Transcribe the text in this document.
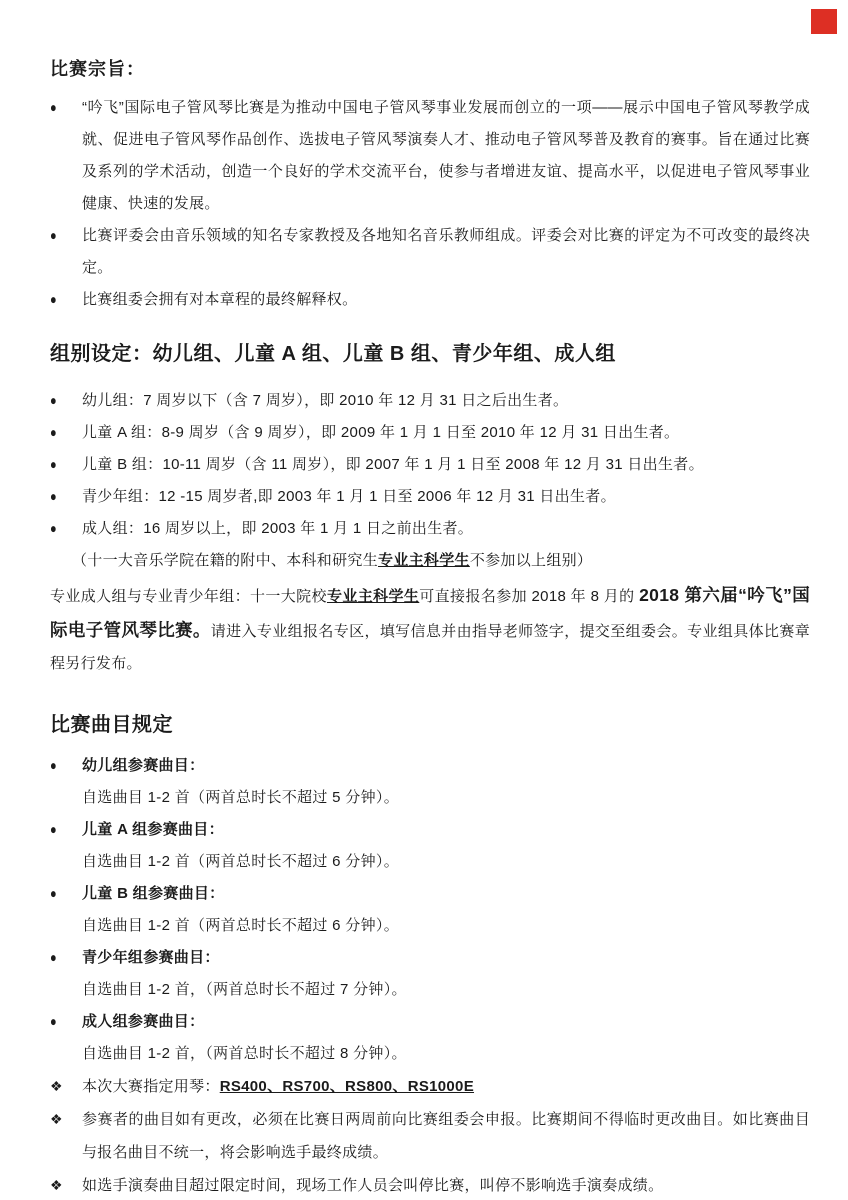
比赛宗旨：
●	“吟飞”国际电子管风琴比赛是为推动中国电子管风琴事业发展而创立的一项——展示中国电子管风琴教学成就、促进电子管风琴作品创作、选拔电子管风琴演奏人才、推动电子管风琴普及教育的赛事。旨在通过比赛及系列的学术活动，创造一个良好的学术交流平台，使参与者增进友谊、提高水平，以促进电子管风琴事业健康、快速的发展。
●	比赛评委会由音乐领域的知名专家教授及各地知名音乐教师组成。评委会对比赛的评定为不可改变的最终决定。
●	比赛组委会拥有对本章程的最终解释权。
组别设定：幼儿组、儿童 A 组、儿童 B 组、青少年组、成人组
●	幼儿组：7 周岁以下（含 7 周岁），即 2010 年 12 月 31 日之后出生者。
●	儿童 A 组：8-9 周岁（含 9 周岁），即 2009 年 1 月 1 日至 2010 年 12 月 31 日出生者。
●	儿童 B 组：10-11 周岁（含 11 周岁），即 2007 年 1 月 1 日至 2008 年 12 月 31 日出生者。
●	青少年组：12 -15 周岁者,即 2003 年 1 月 1 日至 2006 年 12 月 31 日出生者。
●	成人组：16 周岁以上，即 2003 年 1 月 1 日之前出生者。
（十一大音乐学院在籍的附中、本科和研究生专业主科学生不参加以上组别）
专业成人组与专业青少年组：十一大院校专业主科学生可直接报名参加 2018 年 8 月的 2018 第六届“吟飞”国际电子管风琴比赛。请进入专业组报名专区，填写信息并由指导老师签字，提交至组委会。专业组具体比赛章程另行发布。
比赛曲目规定
●	幼儿组参赛曲目：
自选曲目 1-2 首（两首总时长不超过 5 分钟）。
●	儿童 A 组参赛曲目：
自选曲目 1-2 首（两首总时长不超过 6 分钟）。
●	儿童 B 组参赛曲目：
自选曲目 1-2 首（两首总时长不超过 6 分钟）。
●	青少年组参赛曲目：
自选曲目 1-2 首，（两首总时长不超过 7 分钟）。
●	成人组参赛曲目：
自选曲目 1-2 首，（两首总时长不超过 8 分钟）。
❖	本次大赛指定用琴：RS400、RS700、RS800、RS1000E
❖	参赛者的曲目如有更改，必须在比赛日两周前向比赛组委会申报。比赛期间不得临时更改曲目。如比赛曲目与报名曲目不统一，将会影响选手最终成绩。
❖	如选手演奏曲目超过限定时间，现场工作人员会叫停比赛，叫停不影响选手演奏成绩。
